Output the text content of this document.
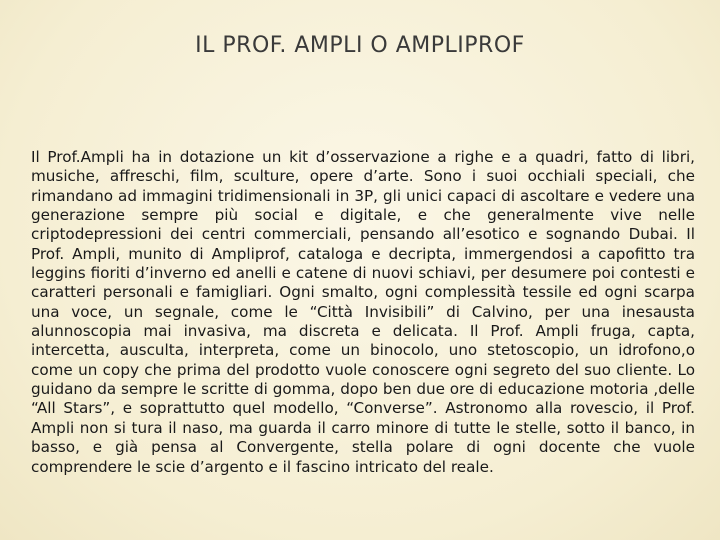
IL PROF. AMPLI O AMPLIPROF

Il Prof.Ampli ha in dotazione un kit d’osservazione a righe e a quadri, fatto di libri, musiche, affreschi, film, sculture, opere d’arte. Sono i suoi occhiali speciali, che rimandano ad immagini tridimensionali in 3P, gli unici capaci di ascoltare e vedere una generazione sempre più social e digitale, e che generalmente vive nelle criptodepressioni dei centri commerciali, pensando all’esotico e sognando Dubai. Il Prof. Ampli, munito di Ampliprof, cataloga e decripta, immergendosi a capofitto tra leggins fioriti d’inverno ed anelli e catene di nuovi schiavi, per desumere poi contesti e caratteri personali e famigliari. Ogni smalto, ogni complessità tessile ed ogni scarpa una voce, un segnale, come le “Città Invisibili” di Calvino, per una inesausta alunnoscopia mai invasiva, ma discreta e delicata. Il Prof. Ampli fruga, capta, intercetta, ausculta, interpreta, come un binocolo, uno stetoscopio, un idrofono,o come un copy che prima del prodotto vuole conoscere ogni segreto del suo cliente. Lo guidano da sempre le scritte di gomma, dopo ben due ore di educazione motoria ,delle “All Stars”, e soprattutto quel modello, “Converse”. Astronomo alla rovescio, il Prof. Ampli non si tura il naso, ma guarda il carro minore di tutte le stelle, sotto il banco, in basso, e già pensa al Convergente, stella polare di ogni docente che vuole comprendere le scie d’argento e il fascino intricato del reale.
